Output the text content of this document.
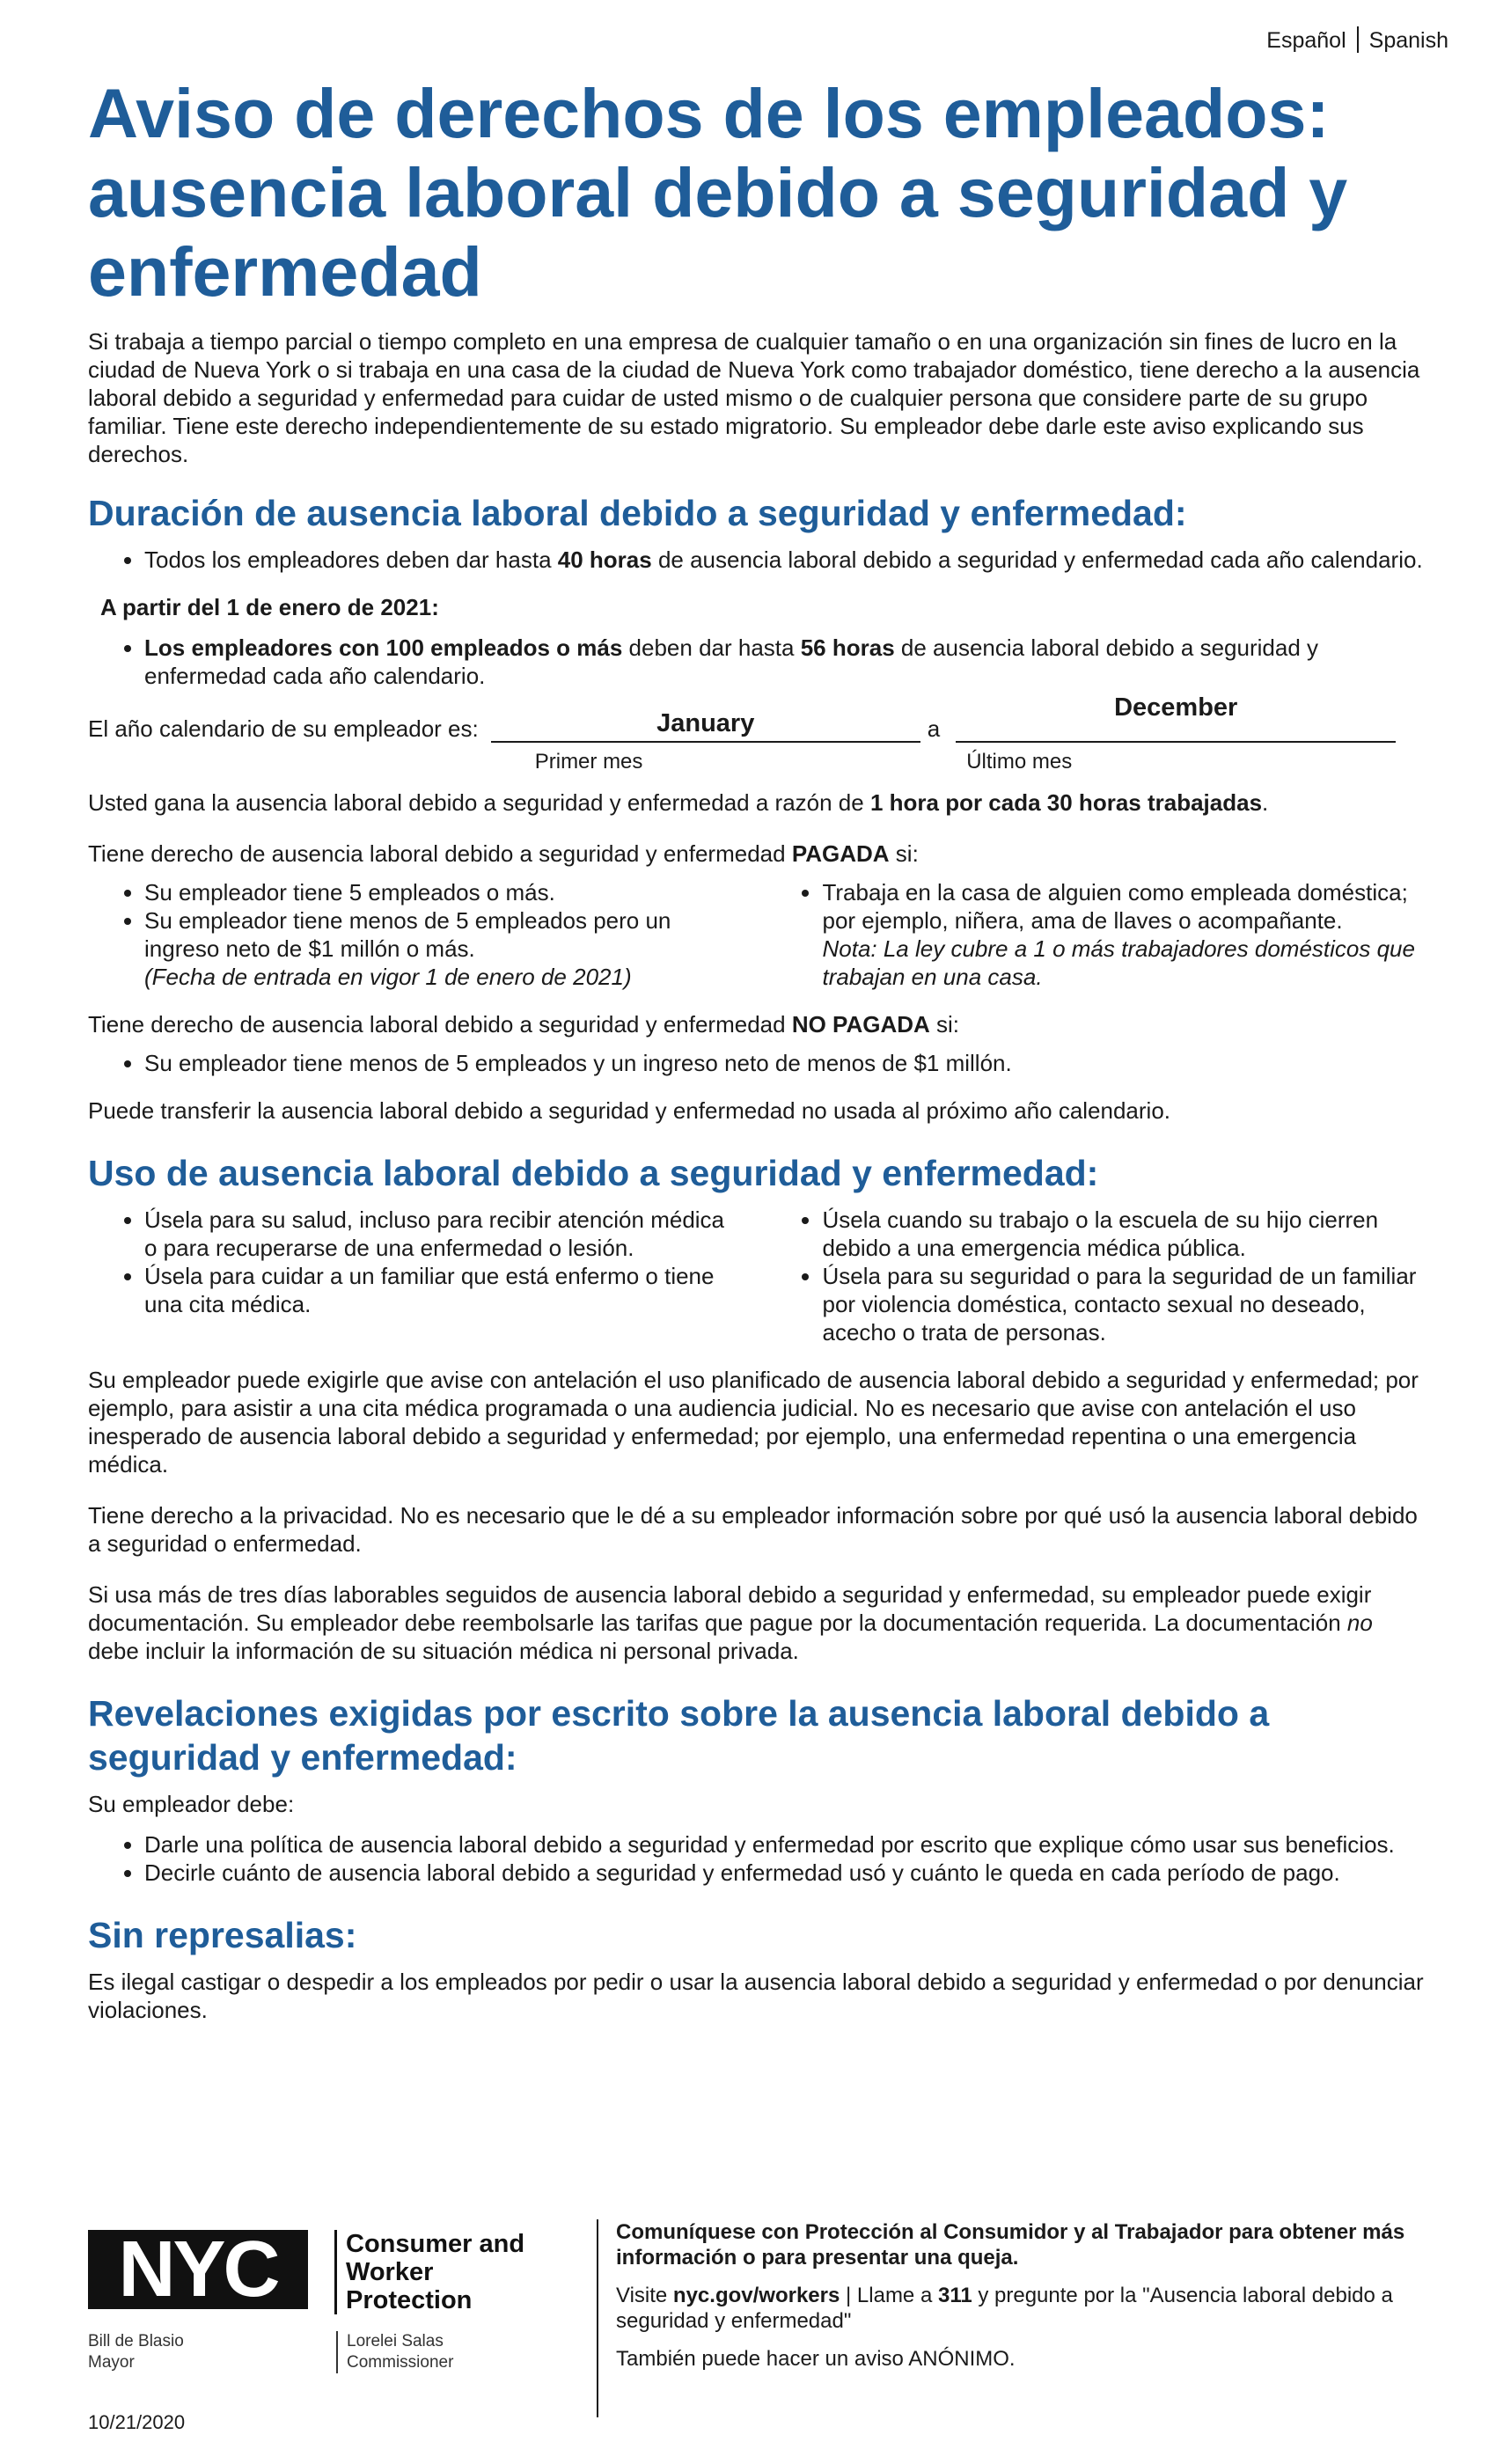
Español Spanish
Aviso de derechos de los empleados: ausencia laboral debido a seguridad y enfermedad

Si trabaja a tiempo parcial o tiempo completo en una empresa de cualquier tamaño o en una organización sin fines de lucro en la ciudad de Nueva York o si trabaja en una casa de la ciudad de Nueva York como trabajador doméstico, tiene derecho a la ausencia laboral debido a seguridad y enfermedad para cuidar de usted mismo o de cualquier persona que considere parte de su grupo familiar. Tiene este derecho independientemente de su estado migratorio. Su empleador debe darle este aviso explicando sus derechos.

Duración de ausencia laboral debido a seguridad y enfermedad:
• Todos los empleadores deben dar hasta 40 horas de ausencia laboral debido a seguridad y enfermedad cada año calendario.

A partir del 1 de enero de 2021:

• Los empleadores con 100 empleados o más deben dar hasta 56 horas de ausencia laboral debido a seguridad y enfermedad cada año calendario.
El año calendario de su empleador es:	January
Primer mes
a
December
Último mes

Usted gana la ausencia laboral debido a seguridad y enfermedad a razón de 1 hora por cada 30 horas trabajadas.

Tiene derecho de ausencia laboral debido a seguridad y enfermedad PAGADA si:

• Su empleador tiene 5 empleados o más.
• Su empleador tiene menos de 5 empleados pero un ingreso neto de $1 millón o más.
(Fecha de entrada en vigor 1 de enero de 2021)
• Trabaja en la casa de alguien como empleada doméstica; por ejemplo, niñera, ama de llaves o acompañante.
Nota: La ley cubre a 1 o más trabajadores domésticos que trabajan en una casa.

Tiene derecho de ausencia laboral debido a seguridad y enfermedad NO PAGADA si:

• Su empleador tiene menos de 5 empleados y un ingreso neto de menos de $1 millón.

Puede transferir la ausencia laboral debido a seguridad y enfermedad no usada al próximo año calendario.

Uso de ausencia laboral debido a seguridad y enfermedad:
• Úsela para su salud, incluso para recibir atención médica o para recuperarse de una enfermedad o lesión.
• Úsela para cuidar a un familiar que está enfermo o tiene una cita médica.
• Úsela cuando su trabajo o la escuela de su hijo cierren debido a una emergencia médica pública.
• Úsela para su seguridad o para la seguridad de un familiar por violencia doméstica, contacto sexual no deseado, acecho o trata de personas.

Su empleador puede exigirle que avise con antelación el uso planificado de ausencia laboral debido a seguridad y enfermedad; por ejemplo, para asistir a una cita médica programada o una audiencia judicial. No es necesario que avise con antelación el uso inesperado de ausencia laboral debido a seguridad y enfermedad; por ejemplo, una enfermedad repentina o una emergencia médica.

Tiene derecho a la privacidad. No es necesario que le dé a su empleador información sobre por qué usó la ausencia laboral debido a seguridad o enfermedad.

Si usa más de tres días laborables seguidos de ausencia laboral debido a seguridad y enfermedad, su empleador puede exigir documentación. Su empleador debe reembolsarle las tarifas que pague por la documentación requerida. La documentación no debe incluir la información de su situación médica ni personal privada.

Revelaciones exigidas por escrito sobre la ausencia laboral debido a seguridad y enfermedad:

Su empleador debe:

• Darle una política de ausencia laboral debido a seguridad y enfermedad por escrito que explique cómo usar sus beneficios.
• Decirle cuánto de ausencia laboral debido a seguridad y enfermedad usó y cuánto le queda en cada período de pago.
Sin represalias:

Es ilegal castigar o despedir a los empleados por pedir o usar la ausencia laboral debido a seguridad y enfermedad o por denunciar violaciones.

NYC	Consumer and
Worker Protection
Bill de Blasio
Mayor
Lorelei Salas
Commissioner
Comuníquese con Protección al Consumidor y al Trabajador para obtener más información o para presentar una queja.

Visite nyc.gov/workers | Llame a 311 y pregunte por la "Ausencia laboral debido a seguridad y enfermedad"

También puede hacer un aviso ANÓNIMO.

10/21/2020
